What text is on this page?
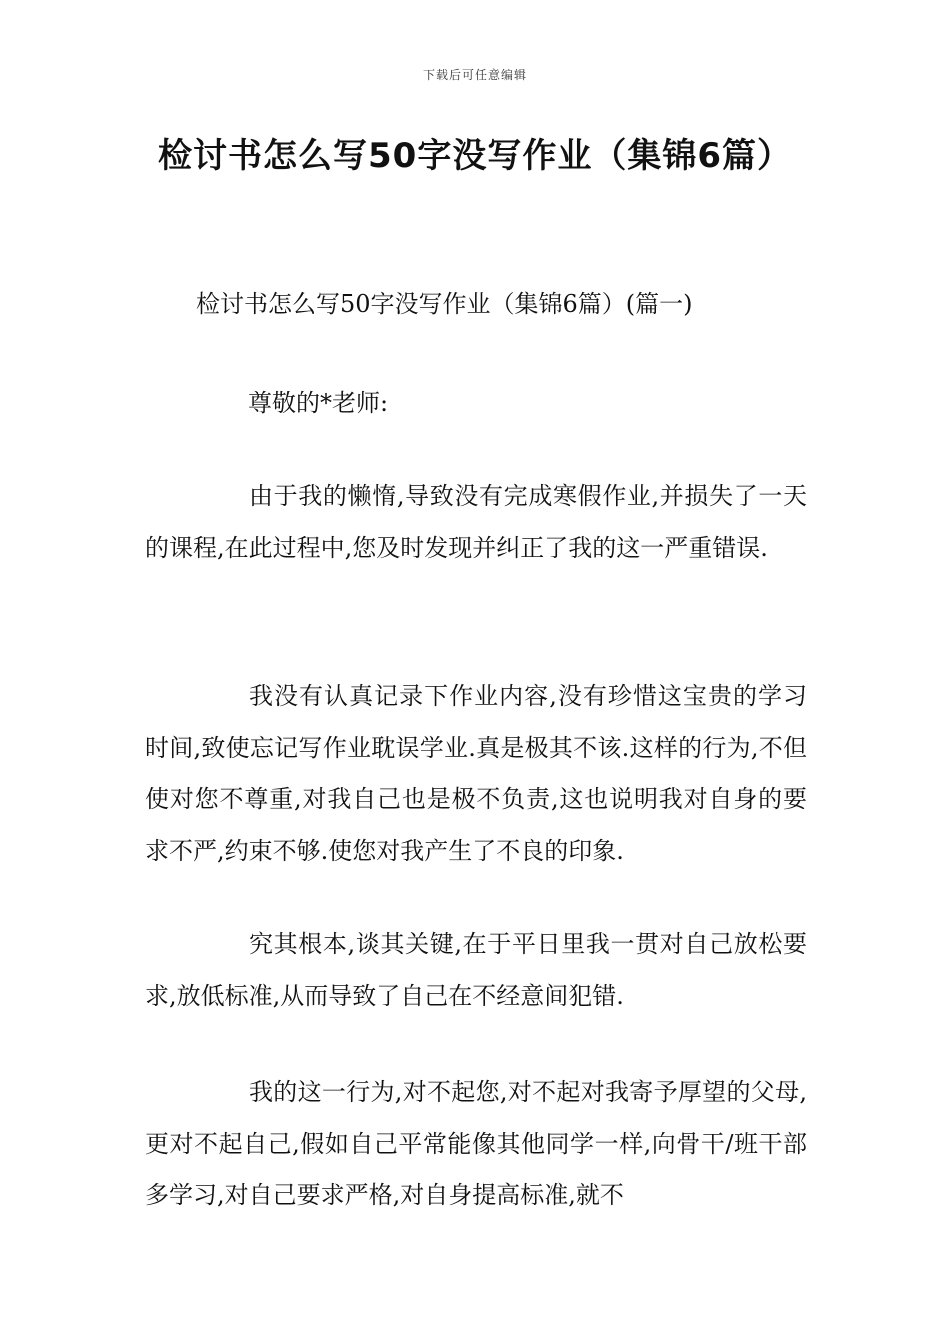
下载后可任意编辑
检讨书怎么写50字没写作业（集锦6篇）
检讨书怎么写50字没写作业（集锦6篇）(篇一)

尊敬的*老师:

由于我的懒惰,导致没有完成寒假作业,并损失了一天的课程,在此过程中,您及时发现并纠正了我的这一严重错误.

我没有认真记录下作业内容,没有珍惜这宝贵的学习时间,致使忘记写作业耽误学业.真是极其不该.这样的行为,不但使对您不尊重,对我自己也是极不负责,这也说明我对自身的要求不严,约束不够.使您对我产生了不良的印象.

究其根本,谈其关键,在于平日里我一贯对自己放松要求,放低标准,从而导致了自己在不经意间犯错.

我的这一行为,对不起您,对不起对我寄予厚望的父母,更对不起自己,假如自己平常能像其他同学一样,向骨干/班干部多学习,对自己要求严格,对自身提高标准,就不
